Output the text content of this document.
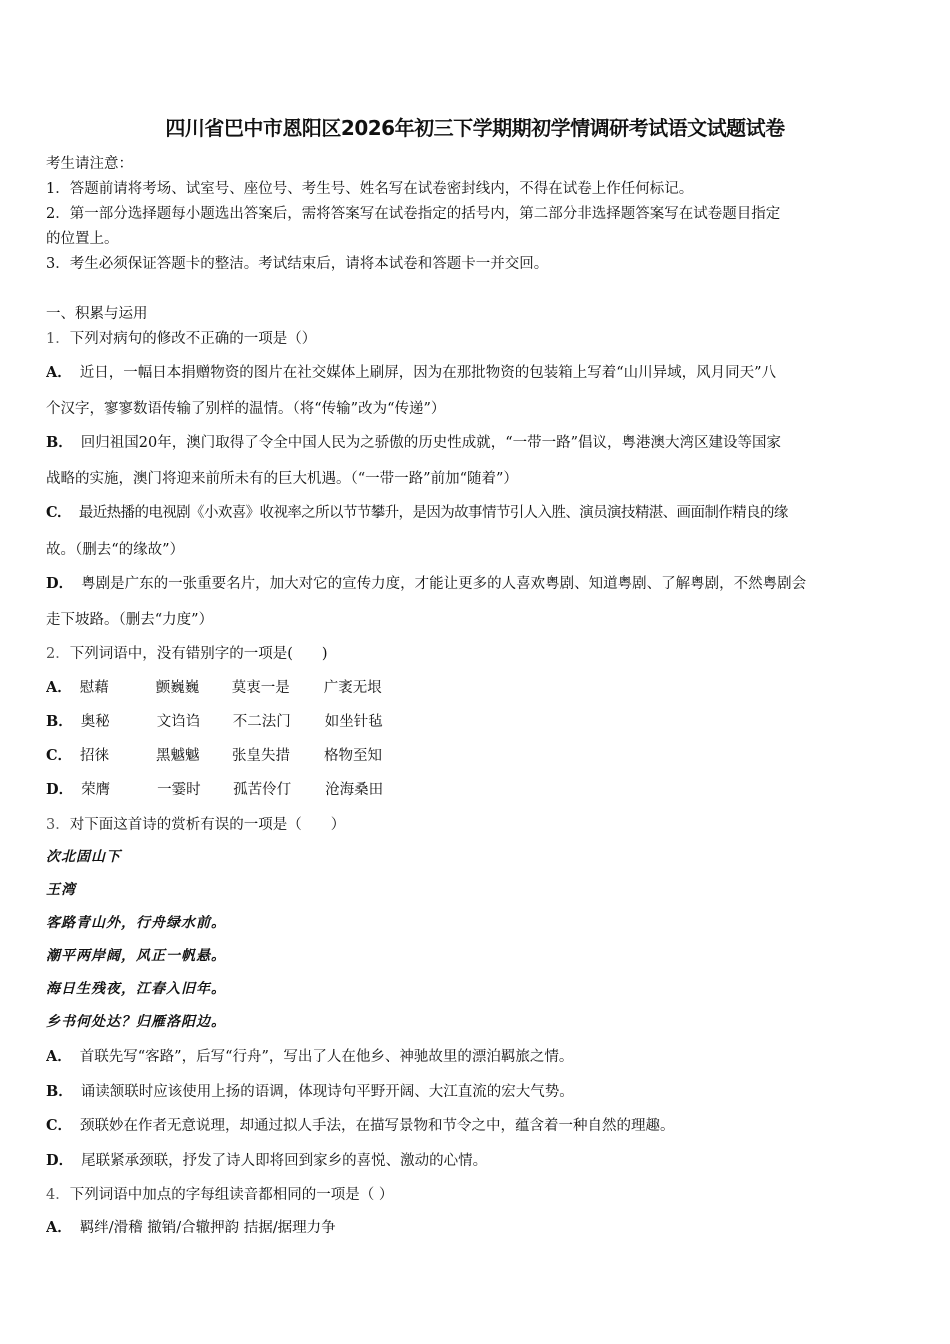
四川省巴中市恩阳区2026年初三下学期期初学情调研考试语文试题试卷
考生请注意：
1．答题前请将考场、试室号、座位号、考生号、姓名写在试卷密封线内，不得在试卷上作任何标记。
2．第一部分选择题每小题选出答案后，需将答案写在试卷指定的括号内，第二部分非选择题答案写在试卷题目指定
的位置上。
3．考生必须保证答题卡的整洁。考试结束后，请将本试卷和答题卡一并交回。
一、积累与运用
1．下列对病句的修改不正确的一项是（）
A． 近日，一幅日本捐赠物资的图片在社交媒体上刷屏，因为在那批物资的包装箱上写着“山川异域，风月同天”八
个汉字，寥寥数语传输了别样的温情。（将“传输”改为“传递”）
B． 回归祖国20年，澳门取得了令全中国人民为之骄傲的历史性成就，“一带一路”倡议，粤港澳大湾区建设等国家
战略的实施，澳门将迎来前所未有的巨大机遇。（“一带一路”前加“随着”）
C． 最近热播的电视剧《小欢喜》收视率之所以节节攀升，是因为故事情节引人入胜、演员演技精湛、画面制作精良的缘
故。（删去“的缘故”）
D． 粤剧是广东的一张重要名片，加大对它的宣传力度，才能让更多的人喜欢粤剧、知道粤剧、了解粤剧，不然粤剧会
走下坡路。（删去“力度”）
2．下列词语中，没有错别字的一项是(　　)
A． 慰藉	颤巍巍 莫衷一是 广袤无垠
B． 奥秘	文诌诌 不二法门 如坐针毡
C． 招徕	黑魆魆 张皇失措 格物至知
D． 荣膺	一霎时 孤苦伶仃 沧海桑田
3．对下面这首诗的赏析有误的一项是（　　）
次北固山下
王湾
客路青山外，行舟绿水前。
潮平两岸阔，风正一帆悬。
海日生残夜，江春入旧年。
乡书何处达？归雁洛阳边。
A． 首联先写“客路”，后写“行舟”，写出了人在他乡、神驰故里的漂泊羁旅之情。
B． 诵读颔联时应该使用上扬的语调，体现诗句平野开阔、大江直流的宏大气势。
C． 颈联妙在作者无意说理，却通过拟人手法，在描写景物和节令之中，蕴含着一种自然的理趣。
D． 尾联紧承颈联，抒发了诗人即将回到家乡的喜悦、激动的心情。
4．下列词语中加点的字每组读音都相同的一项是（ ）
A． 羁绊/滑稽 撤销/合辙押韵 拮据/据理力争
